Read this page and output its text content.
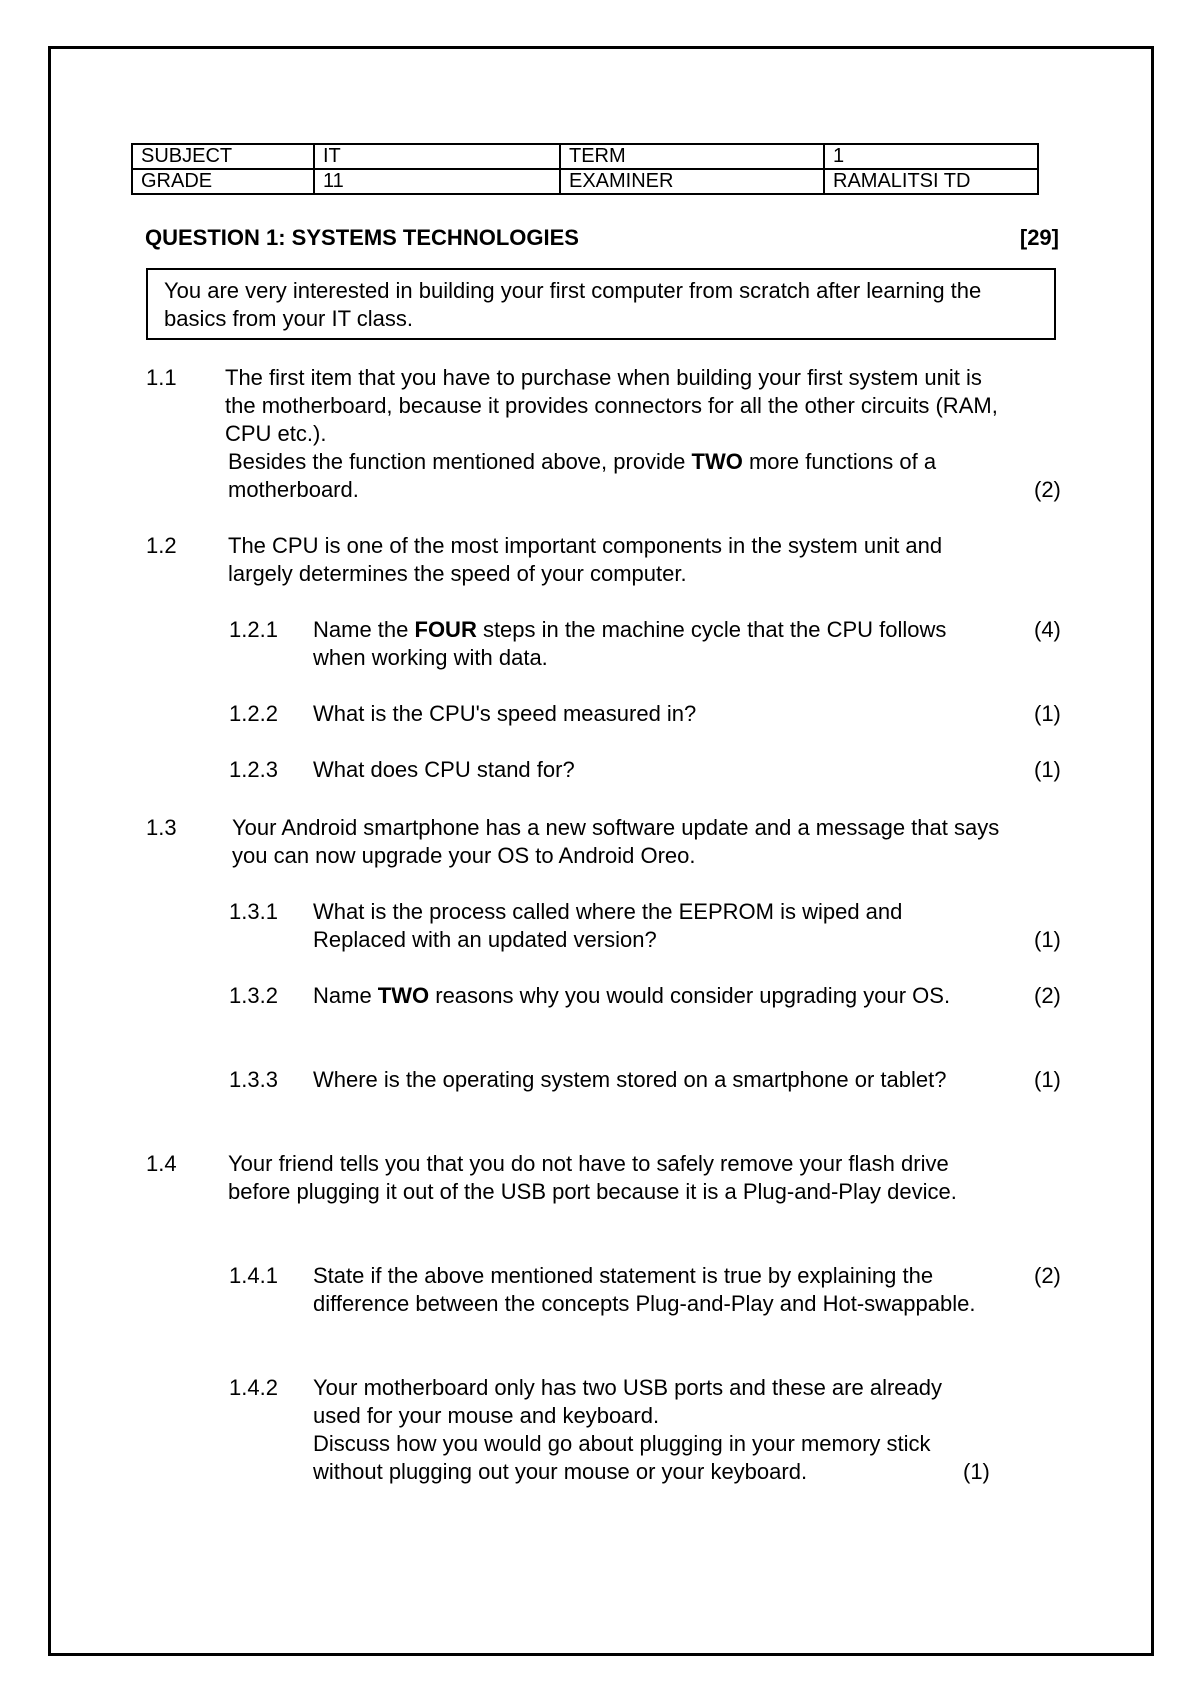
SUBJECT	IT	TERM	1
GRADE	11	EXAMINER	RAMALITSI TD
QUESTION 1: SYSTEMS TECHNOLOGIES	[29]
You are very interested in building your first computer from scratch after learning the basics from your IT class.
1.1 The first item that you have to purchase when building your first system unit is the motherboard, because it provides connectors for all the other circuits (RAM, CPU etc.).
Besides the function mentioned above, provide TWO more functions of a motherboard.	(2)
1.2 The CPU is one of the most important components in the system unit and largely determines the speed of your computer.
1.2.1 Name the FOUR steps in the machine cycle that the CPU follows when working with data.
(4)
1.2.2 What is the CPU's speed measured in?	(1)
1.2.3 What does CPU stand for?	(1)
1.3	Your Android smartphone has a new software update and a message that says you can now upgrade your OS to Android Oreo.
1.3.1 What is the process called where the EEPROM is wiped and Replaced with an updated version?	(1)
1.3.2 Name TWO reasons why you would consider upgrading your OS.	(2)
1.3.3 Where is the operating system stored on a smartphone or tablet?	(1)
1.4 Your friend tells you that you do not have to safely remove your flash drive before plugging it out of the USB port because it is a Plug-and-Play device.
1.4.1 State if the above mentioned statement is true by explaining the difference between the concepts Plug-and-Play and Hot-swappable.
(2)
1.4.2 Your motherboard only has two USB ports and these are already used for your mouse and keyboard.
Discuss how you would go about plugging in your memory stick without plugging out your mouse or your keyboard.	(1)
